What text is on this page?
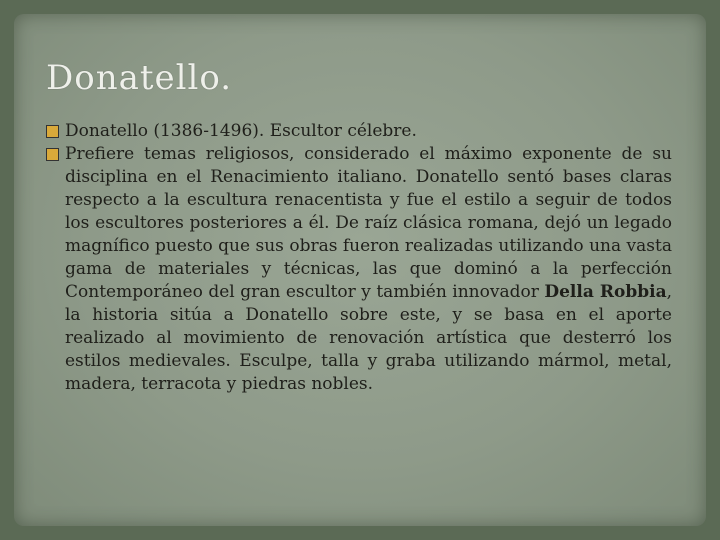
Donatello.
Donatello (1386-1496). Escultor célebre.
Prefiere temas religiosos, considerado el máximo exponente de su disciplina en el Renacimiento italiano. Donatello sentó bases claras respecto a la escultura renacentista y fue el estilo a seguir de todos los escultores posteriores a él. De raíz clásica romana, dejó un legado magnífico puesto que sus obras fueron realizadas utilizando una vasta gama de materiales y técnicas, las que dominó a la perfección Contemporáneo del gran escultor y también innovador Della Robbia, la historia sitúa a Donatello sobre este, y se basa en el aporte realizado al movimiento de renovación artística que desterró los estilos medievales. Esculpe, talla y graba utilizando mármol, metal, madera, terracota y piedras nobles.
